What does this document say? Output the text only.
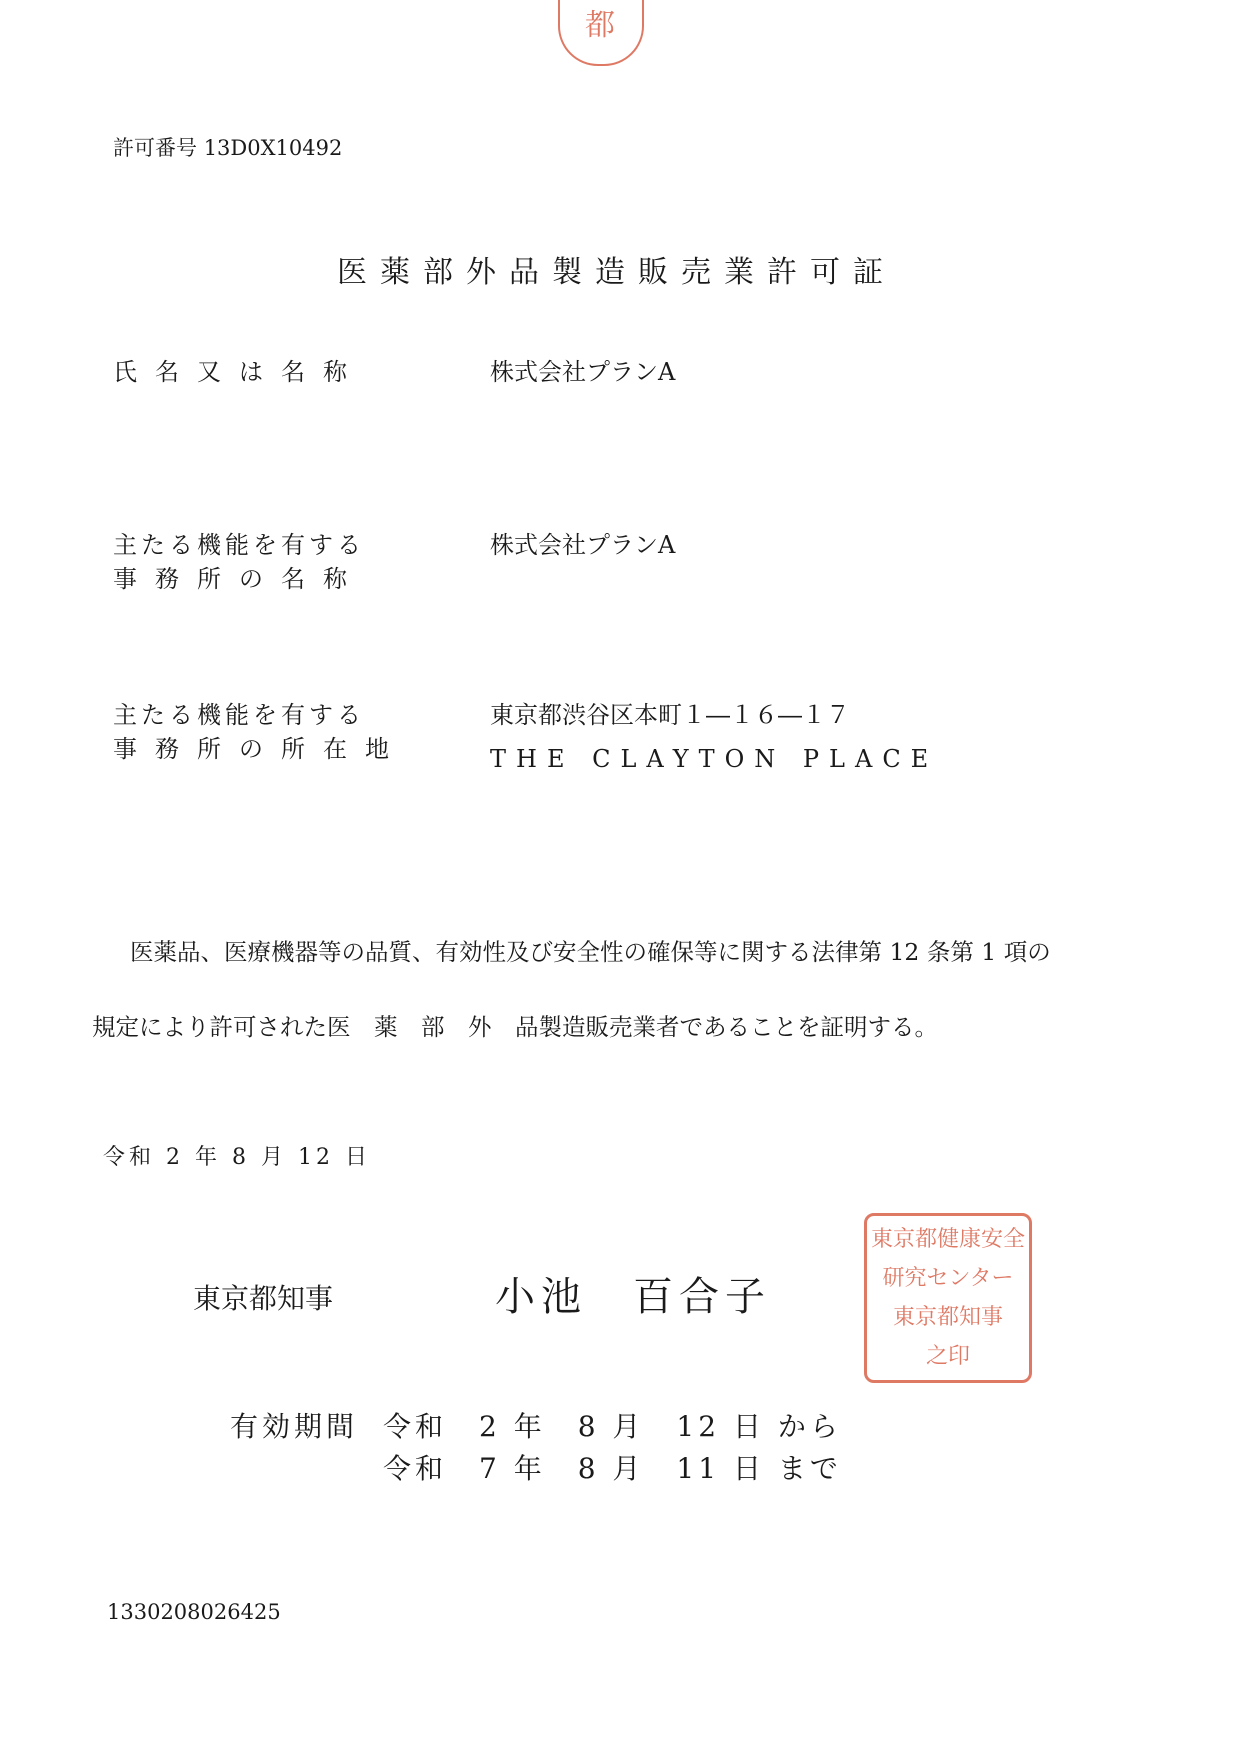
都
許可番号 13D0X10492
医薬部外品製造販売業許可証
氏名又は名称	株式会社プランA
主たる機能を有する
事務所の名称
株式会社プランA
主たる機能を有する
事務所の所在地
東京都渋谷区本町１―１６―１７
THE CLAYTON PLACE
医薬品、医療機器等の品質、有効性及び安全性の確保等に関する法律第 12 条第 1 項の
規定により許可された医　薬　部　外　品製造販売業者であることを証明する。
令和 2 年 8 月 12 日
東京都知事	小池　百合子
東京都健康安全
研究センター
東京都知事
之印
有効期間 令和　2 年　8 月　12 日 から
令和　7 年　8 月　11 日 まで
1330208026425
